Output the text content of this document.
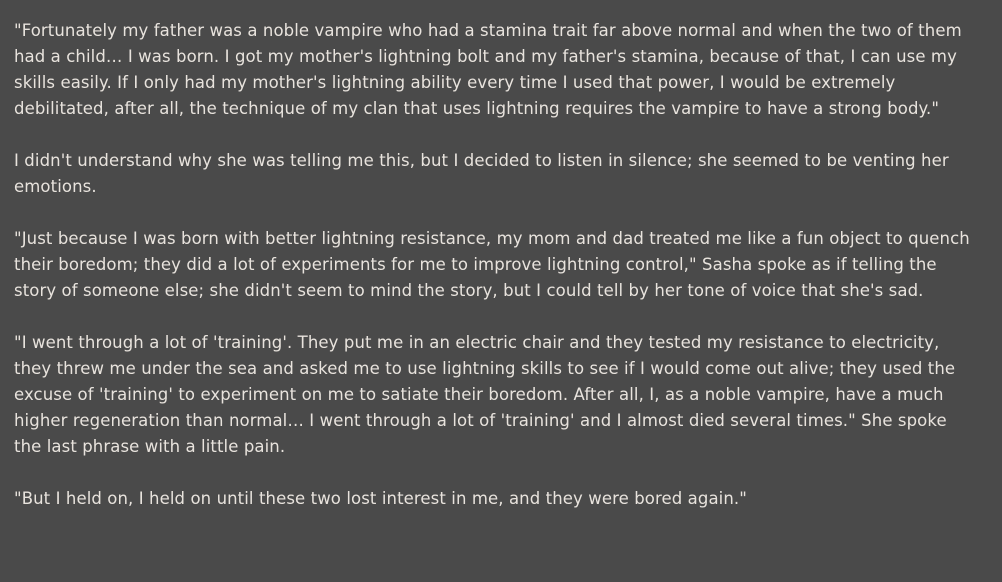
"Fortunately my father was a noble vampire who had a stamina trait far above normal and when the two of them had a child… I was born. I got my mother's lightning bolt and my father's stamina, because of that, I can use my skills easily. If I only had my mother's lightning ability every time I used that power, I would be extremely debilitated, after all, the technique of my clan that uses lightning requires the vampire to have a strong body."

I didn't understand why she was telling me this, but I decided to listen in silence; she seemed to be venting her emotions.

"Just because I was born with better lightning resistance, my mom and dad treated me like a fun object to quench their boredom; they did a lot of experiments for me to improve lightning control," Sasha spoke as if telling the story of someone else; she didn't seem to mind the story, but I could tell by her tone of voice that she's sad.

"I went through a lot of 'training'. They put me in an electric chair and they tested my resistance to electricity, they threw me under the sea and asked me to use lightning skills to see if I would come out alive; they used the excuse of 'training' to experiment on me to satiate their boredom. After all, I, as a noble vampire, have a much higher regeneration than normal… I went through a lot of 'training' and I almost died several times." She spoke the last phrase with a little pain.

"But I held on, I held on until these two lost interest in me, and they were bored again."
